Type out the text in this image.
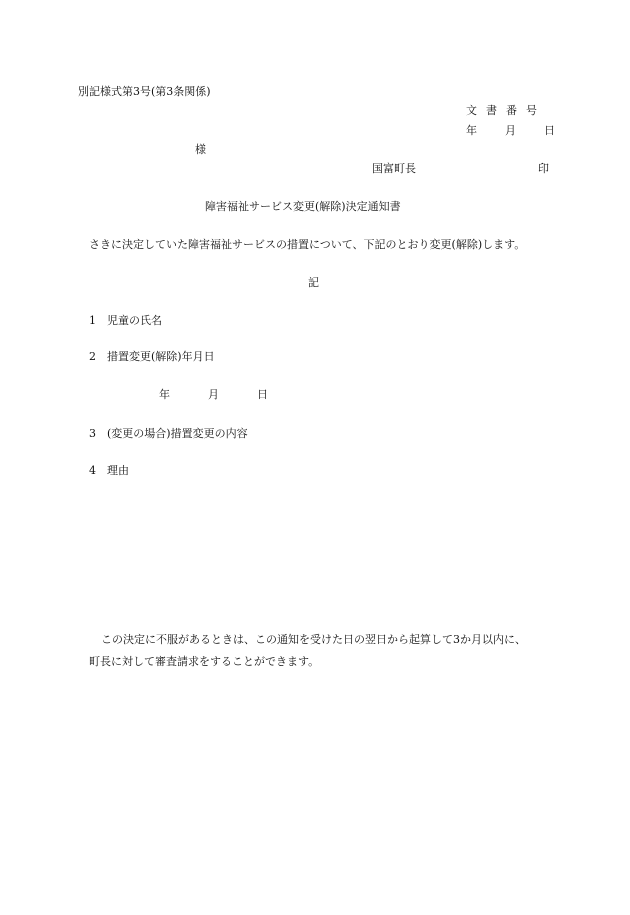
別記様式第3号(第3条関係)
文書番号
年	月	日
様
国富町長	印
障害福祉サービス変更(解除)決定通知書
さきに決定していた障害福祉サービスの措置について、下記のとおり変更(解除)します。
記
1 児童の氏名
2 措置変更(解除)年月日
年	月	日
3 (変更の場合)措置変更の内容
4 理由
この決定に不服があるときは、この通知を受けた日の翌日から起算して3か月以内に、
町長に対して審査請求をすることができます。
